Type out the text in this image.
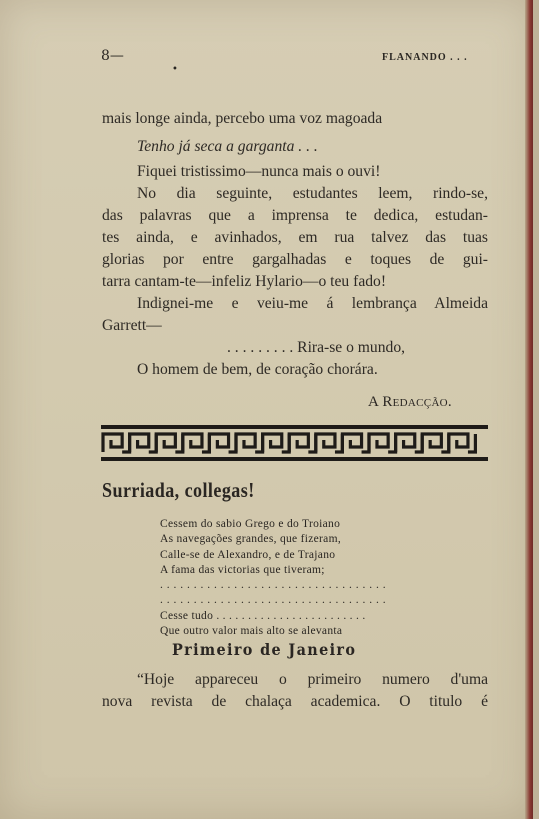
8—	FLANANDO . . .
•
mais longe ainda, percebo uma voz magoada
Tenho já seca a garganta . . .
Fiquei tristissimo—nunca mais o ouvi!
No dia seguinte, estudantes leem, rindo-se,
das palavras que a imprensa te dedica, estudan-
tes ainda, e avinhados, em rua talvez das tuas
glorias por entre gargalhadas e toques de gui-
tarra cantam-te—infeliz Hylario—o teu fado!
Indignei-me e veiu-me á lembrança Almeida
Garrett—
. . . . . . . . . Rira-se o mundo,
O homem de bem, de coração chorára.
A Redacção.
Surriada, collegas!
Cessem do sabio Grego e do Troiano
As navegações grandes, que fizeram,
Calle-se de Alexandro, e de Trajano
A fama das victorias que tiveram;
. . . . . . . . . . . . . . . . . . . . . . . . . . . . . . . . . .
. . . . . . . . . . . . . . . . . . . . . . . . . . . . . . . . . .
Cesse tudo . . . . . . . . . . . . . . . . . . . . . . . .
Que outro valor mais alto se alevanta
Primeiro de Janeiro
“Hoje appareceu o primeiro numero d'uma
nova revista de chalaça academica. O titulo é
